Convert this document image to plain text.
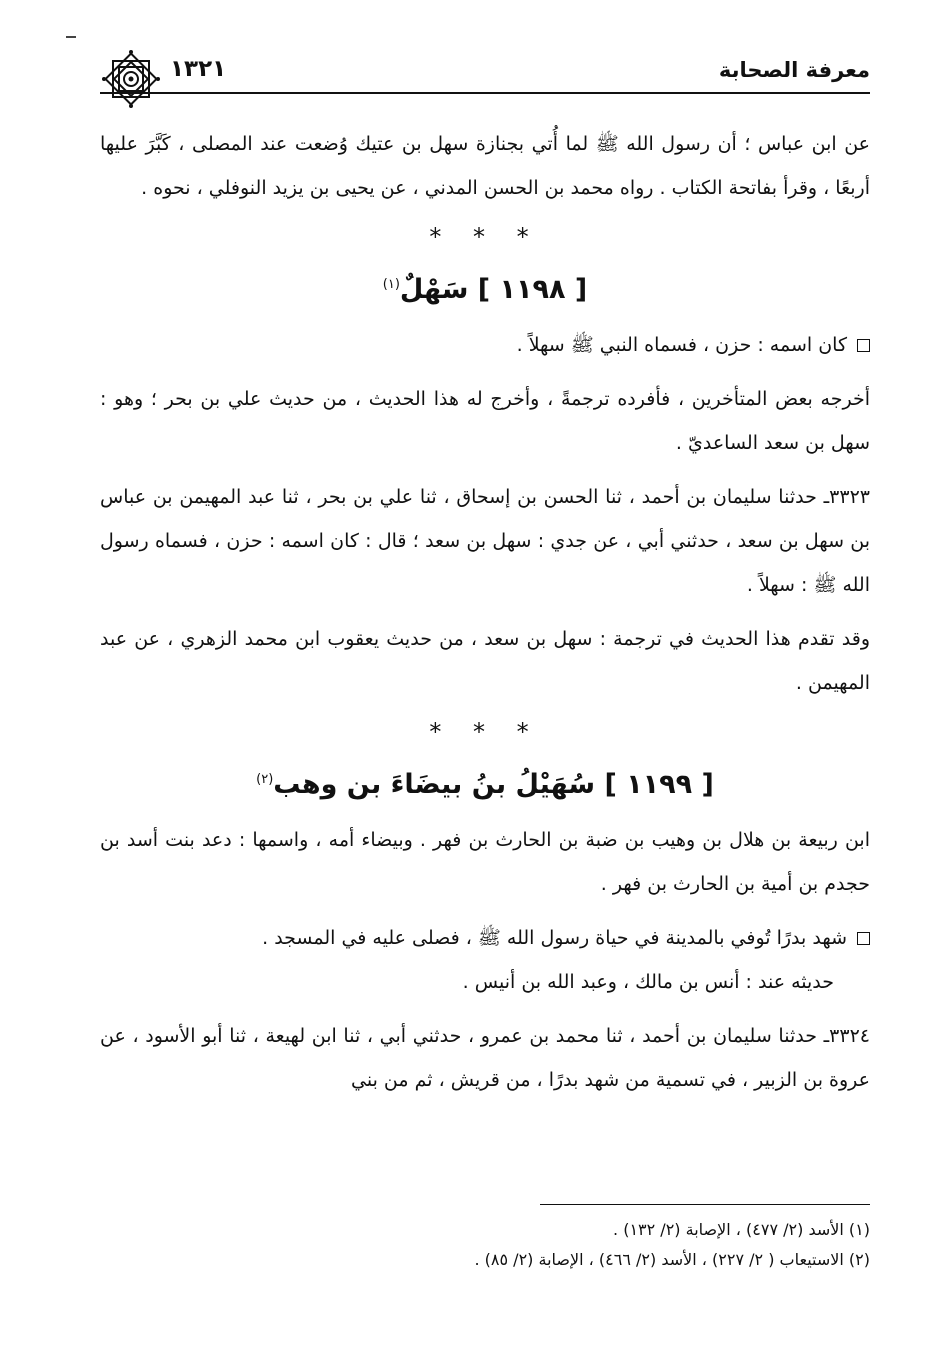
معرفة الصحابة
١٣٢١

عن ابن عباس ؛ أن رسول الله ﷺ لما أُتي بجنازة سهل بن عتيك وُضعت عند المصلى ، كَبَّرَ عليها أربعًا ، وقرأ بفاتحة الكتاب . رواه محمد بن الحسن المدني ، عن يحيى بن يزيد النوفلي ، نحوه .

* * *
[ ١١٩٨ ] سَهْلٌ$^{(١)}$

كان اسمه : حزن ، فسماه النبي ﷺ سهلاً .

أخرجه بعض المتأخرين ، فأفرده ترجمةً ، وأخرج له هذا الحديث ، من حديث علي بن بحر ؛ وهو : سهل بن سعد الساعديّ .

٣٣٢٣ـ حدثنا سليمان بن أحمد ، ثنا الحسن بن إسحاق ، ثنا علي بن بحر ، ثنا عبد المهيمن بن عباس بن سهل بن سعد ، حدثني أبي ، عن جدي : سهل بن سعد ؛ قال : كان اسمه : حزن ، فسماه رسول الله ﷺ : سهلاً .

وقد تقدم هذا الحديث في ترجمة : سهل بن سعد ، من حديث يعقوب ابن محمد الزهري ، عن عبد المهيمن .

* * *
[ ١١٩٩ ] سُهَيْلُ بنُ بيضَاءَ بن وهب$^{(٢)}$

ابن ربيعة بن هلال بن وهيب بن ضبة بن الحارث بن فهر . وبيضاء أمه ، واسمها : دعد بنت أسد بن حجدم بن أمية بن الحارث بن فهر .

شهد بدرًا تُوفي بالمدينة في حياة رسول الله ﷺ ، فصلى عليه في المسجد .

حديثه عند : أنس بن مالك ، وعبد الله بن أنيس .

٣٣٢٤ـ حدثنا سليمان بن أحمد ، ثنا محمد بن عمرو ، حدثني أبي ، ثنا ابن لهيعة ، ثنا أبو الأسود ، عن عروة بن الزبير ، في تسمية من شهد بدرًا ، من قريش ، ثم من بني

(١) الأسد (٢/ ٤٧٧) ، الإصابة (٢/ ١٣٢) .

(٢) الاستيعاب ( ٢/ ٢٢٧) ، الأسد (٢/ ٤٦٦) ، الإصابة (٢/ ٨٥) .
